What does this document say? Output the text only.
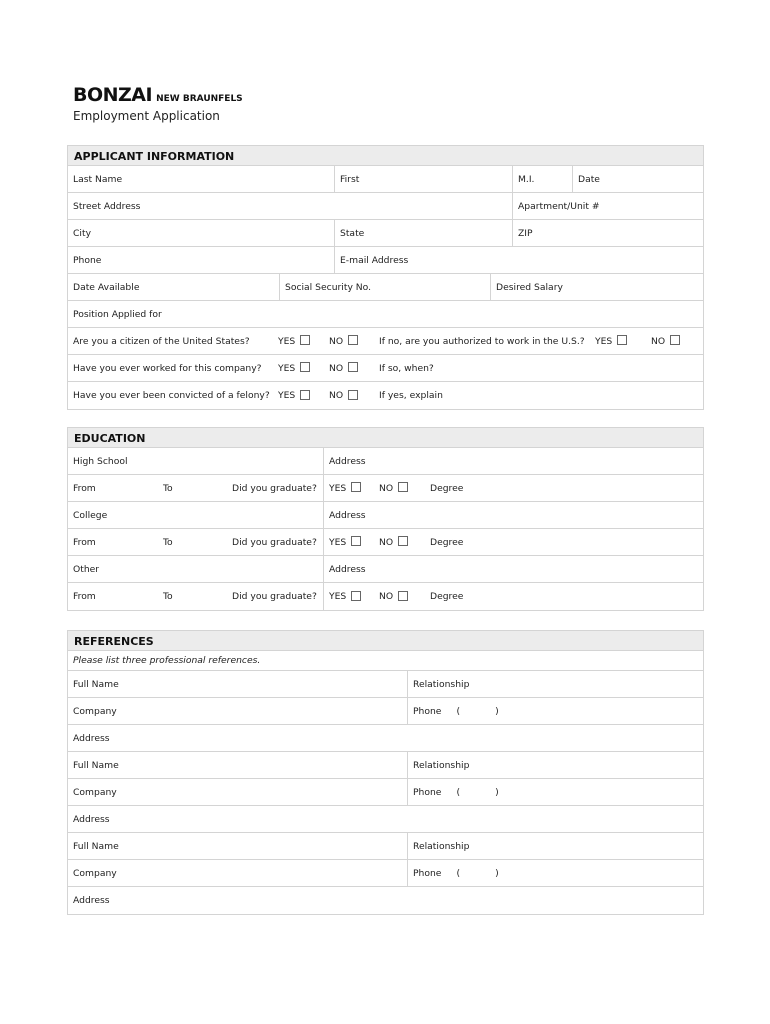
BONZAI NEW BRAUNFELS
Employment Application
APPLICANT INFORMATION
Last Name	First	M.I.	Date
Street Address	Apartment/Unit #
City	State	ZIP
Phone	E-mail Address
Date Available	Social Security No.	Desired Salary
Position Applied for
Are you a citizen of the United States?	YES	NO	If no, are you authorized to work in the U.S.? YES	NO
Have you ever worked for this company? YES	NO	If so, when?
Have you ever been convicted of a felony? YES	NO	If yes, explain
EDUCATION
High School	Address
From	To	Did you graduate? YES	NO	Degree
College	Address
From	To	Did you graduate? YES	NO	Degree
Other	Address
From	To	Did you graduate? YES	NO	Degree
REFERENCES
Please list three professional references.
Full Name	Relationship
Company	Phone (	)
Address
Full Name	Relationship
Company	Phone (	)
Address
Full Name	Relationship
Company	Phone (	)
Address
